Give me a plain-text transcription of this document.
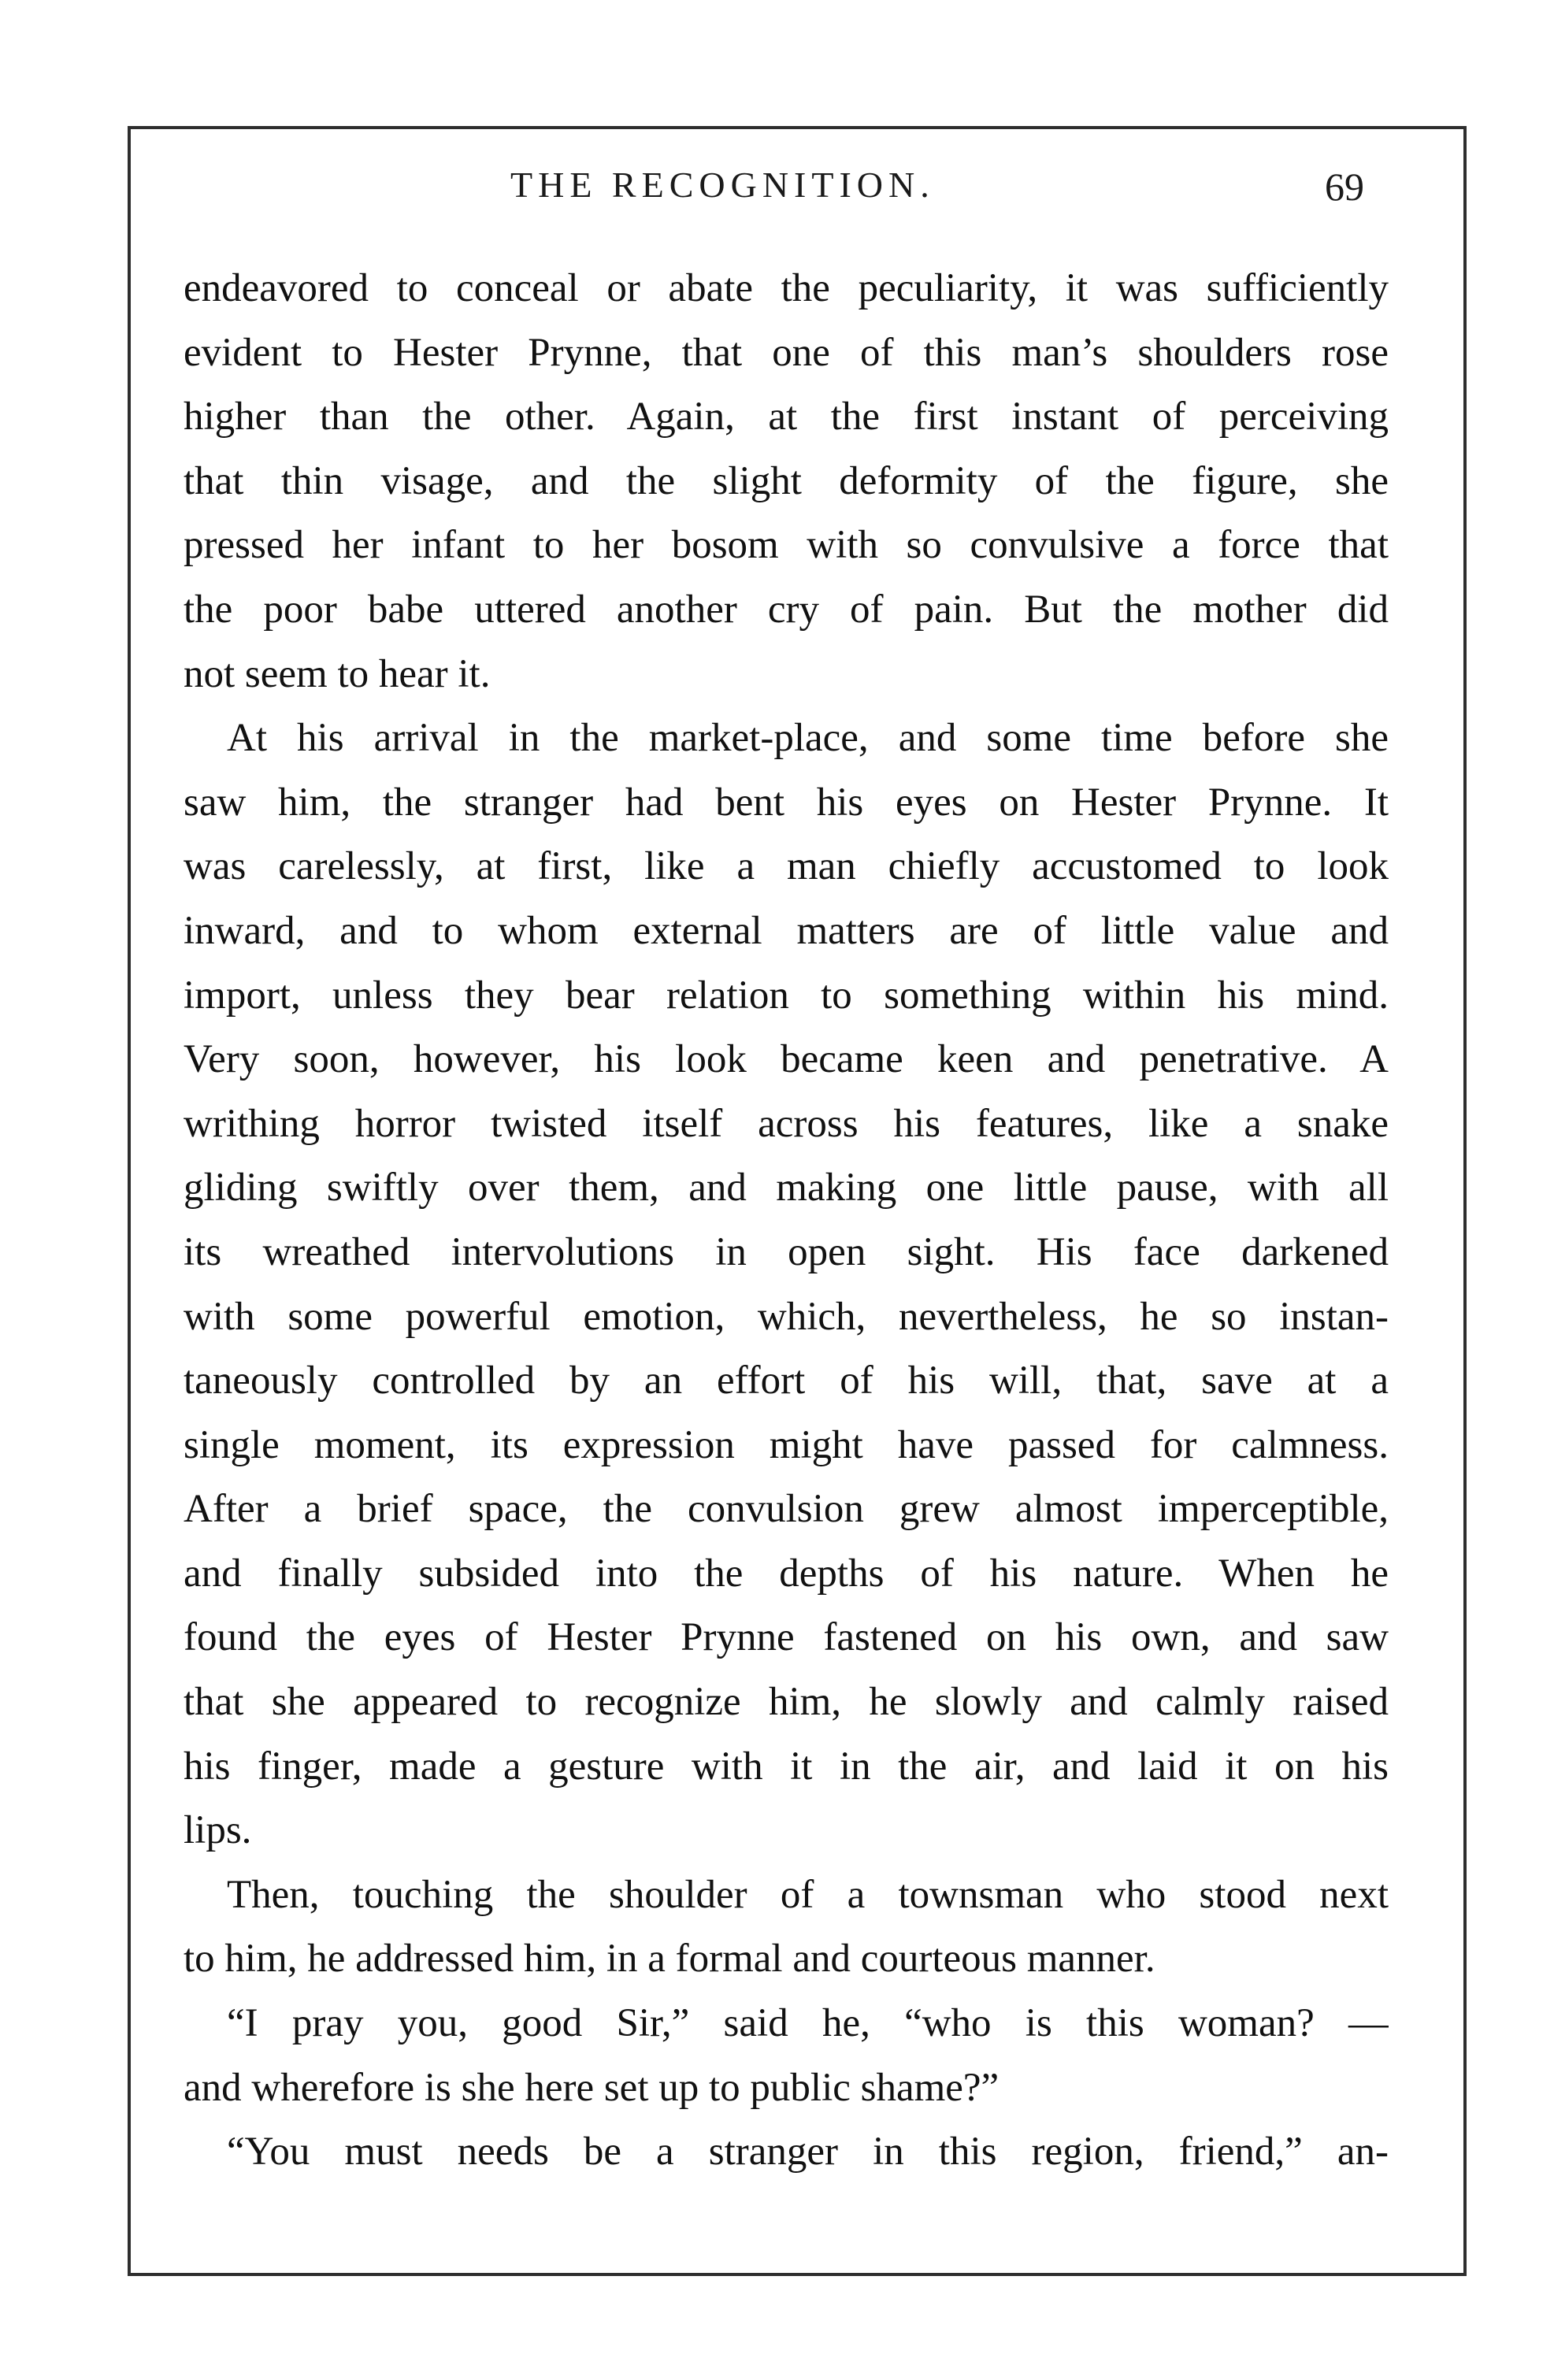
THE RECOGNITION.	69
endeavored to conceal or abate the peculiarity, it was sufficiently
evident to Hester Prynne, that one of this man’s shoulders rose
higher than the other. Again, at the first instant of perceiving
that thin visage, and the slight deformity of the figure, she
pressed her infant to her bosom with so convulsive a force that
the poor babe uttered another cry of pain. But the mother did
not seem to hear it.
At his arrival in the market-place, and some time before she
saw him, the stranger had bent his eyes on Hester Prynne. It
was carelessly, at first, like a man chiefly accustomed to look
inward, and to whom external matters are of little value and
import, unless they bear relation to something within his mind.
Very soon, however, his look became keen and penetrative. A
writhing horror twisted itself across his features, like a snake
gliding swiftly over them, and making one little pause, with all
its wreathed intervolutions in open sight. His face darkened
with some powerful emotion, which, nevertheless, he so instan-
taneously controlled by an effort of his will, that, save at a
single moment, its expression might have passed for calmness.
After a brief space, the convulsion grew almost imperceptible,
and finally subsided into the depths of his nature. When he
found the eyes of Hester Prynne fastened on his own, and saw
that she appeared to recognize him, he slowly and calmly raised
his finger, made a gesture with it in the air, and laid it on his
lips.
Then, touching the shoulder of a townsman who stood next
to him, he addressed him, in a formal and courteous manner.
“I pray you, good Sir,” said he, “who is this woman? —
and wherefore is she here set up to public shame?”
“You must needs be a stranger in this region, friend,” an-
